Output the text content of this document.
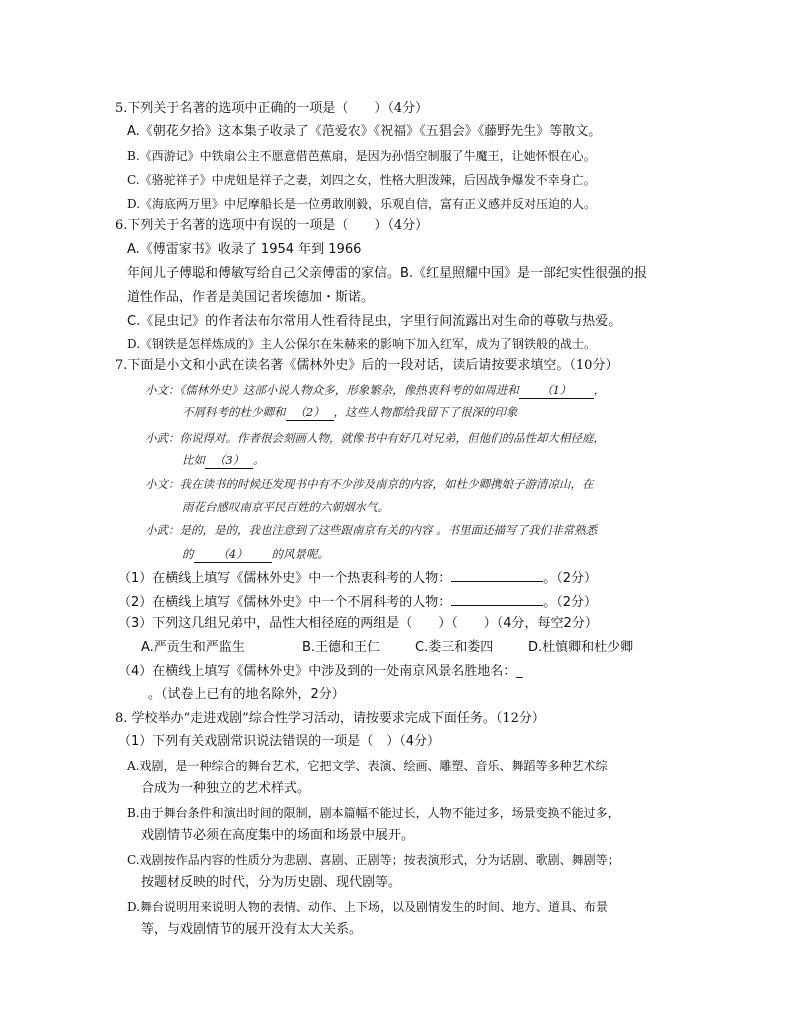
5.下列关于名著的选项中正确的一项是（　　）（4分）
A.《朝花夕拾》这本集子收录了《范爱农》《祝福》《五猖会》《藤野先生》等散文。
B.《西游记》中铁扇公主不愿意借芭蕉扇，是因为孙悟空制服了牛魔王，让她怀恨在心。
C.《骆驼祥子》中虎妞是祥子之妻，刘四之女，性格大胆泼辣，后因战争爆发不幸身亡。
D.《海底两万里》中尼摩船长是一位勇敢刚毅，乐观自信，富有正义感并反对压迫的人。
6.下列关于名著的选项中有误的一项是（　　）（4分）
A.《傅雷家书》收录了 1954 年到 1966
年间儿子傅聪和傅敏写给自己父亲傅雷的家信。B.《红星照耀中国》是一部纪实性很强的报
道性作品，作者是美国记者埃德加・斯诺。
C.《昆虫记》的作者法布尔常用人性看待昆虫，字里行间流露出对生命的尊敬与热爱。
D.《钢铁是怎样炼成的》主人公保尔在朱赫来的影响下加入红军，成为了钢铁般的战士。
7.下面是小文和小武在读名著《儒林外史》后的一段对话，读后请按要求填空。（10分）
小文：《儒林外史》这部小说人物众多，形象繁杂，像热衷科考的如周进和 （1） ，
不屑科考的杜少卿和 （2） ，这些人物都给我留下了很深的印象
小武：你说得对。作者很会刻画人物，就像书中有好几对兄弟，但他们的品性却大相径庭，
比如 （3） 。
小文：我在读书的时候还发现书中有不少涉及南京的内容，如杜少卿携娘子游清凉山，在
雨花台感叹南京平民百姓的六朝烟水气。
小武：是的，是的，我也注意到了这些跟南京有关的内容 。书里面还描写了我们非常熟悉
的 （4） 的风景呢。
（1）在横线上填写《儒林外史》中一个热衷科考的人物：	。（2分）
（2）在横线上填写《儒林外史》中一个不屑科考的人物：	。（2分）
（3）下列这几组兄弟中，品性大相径庭的两组是（　　）（　　）（4分，每空2分）
A.严贡生和严监生	B.王德和王仁	C.娄三和娄四	D.杜慎卿和杜少卿
（4）在横线上填写《儒林外史》中涉及到的一处南京风景名胜地名：_
。（试卷上已有的地名除外，2分）
8. 学校举办“走进戏剧”综合性学习活动，请按要求完成下面任务。（12分）
（1）下列有关戏剧常识说法错误的一项是（　）（4分）
A.戏剧，是一种综合的舞台艺术，它把文学、表演、绘画、雕塑、音乐、舞蹈等多种艺术综
合成为一种独立的艺术样式。
B.由于舞台条件和演出时间的限制，剧本篇幅不能过长，人物不能过多，场景变换不能过多，
戏剧情节必须在高度集中的场面和场景中展开。
C.戏剧按作品内容的性质分为悲剧、喜剧、正剧等；按表演形式，分为话剧、歌剧、舞剧等；
按题材反映的时代，分为历史剧、现代剧等。
D.舞台说明用来说明人物的表情、动作、上下场，以及剧情发生的时间、地方、道具、布景
等，与戏剧情节的展开没有太大关系。
